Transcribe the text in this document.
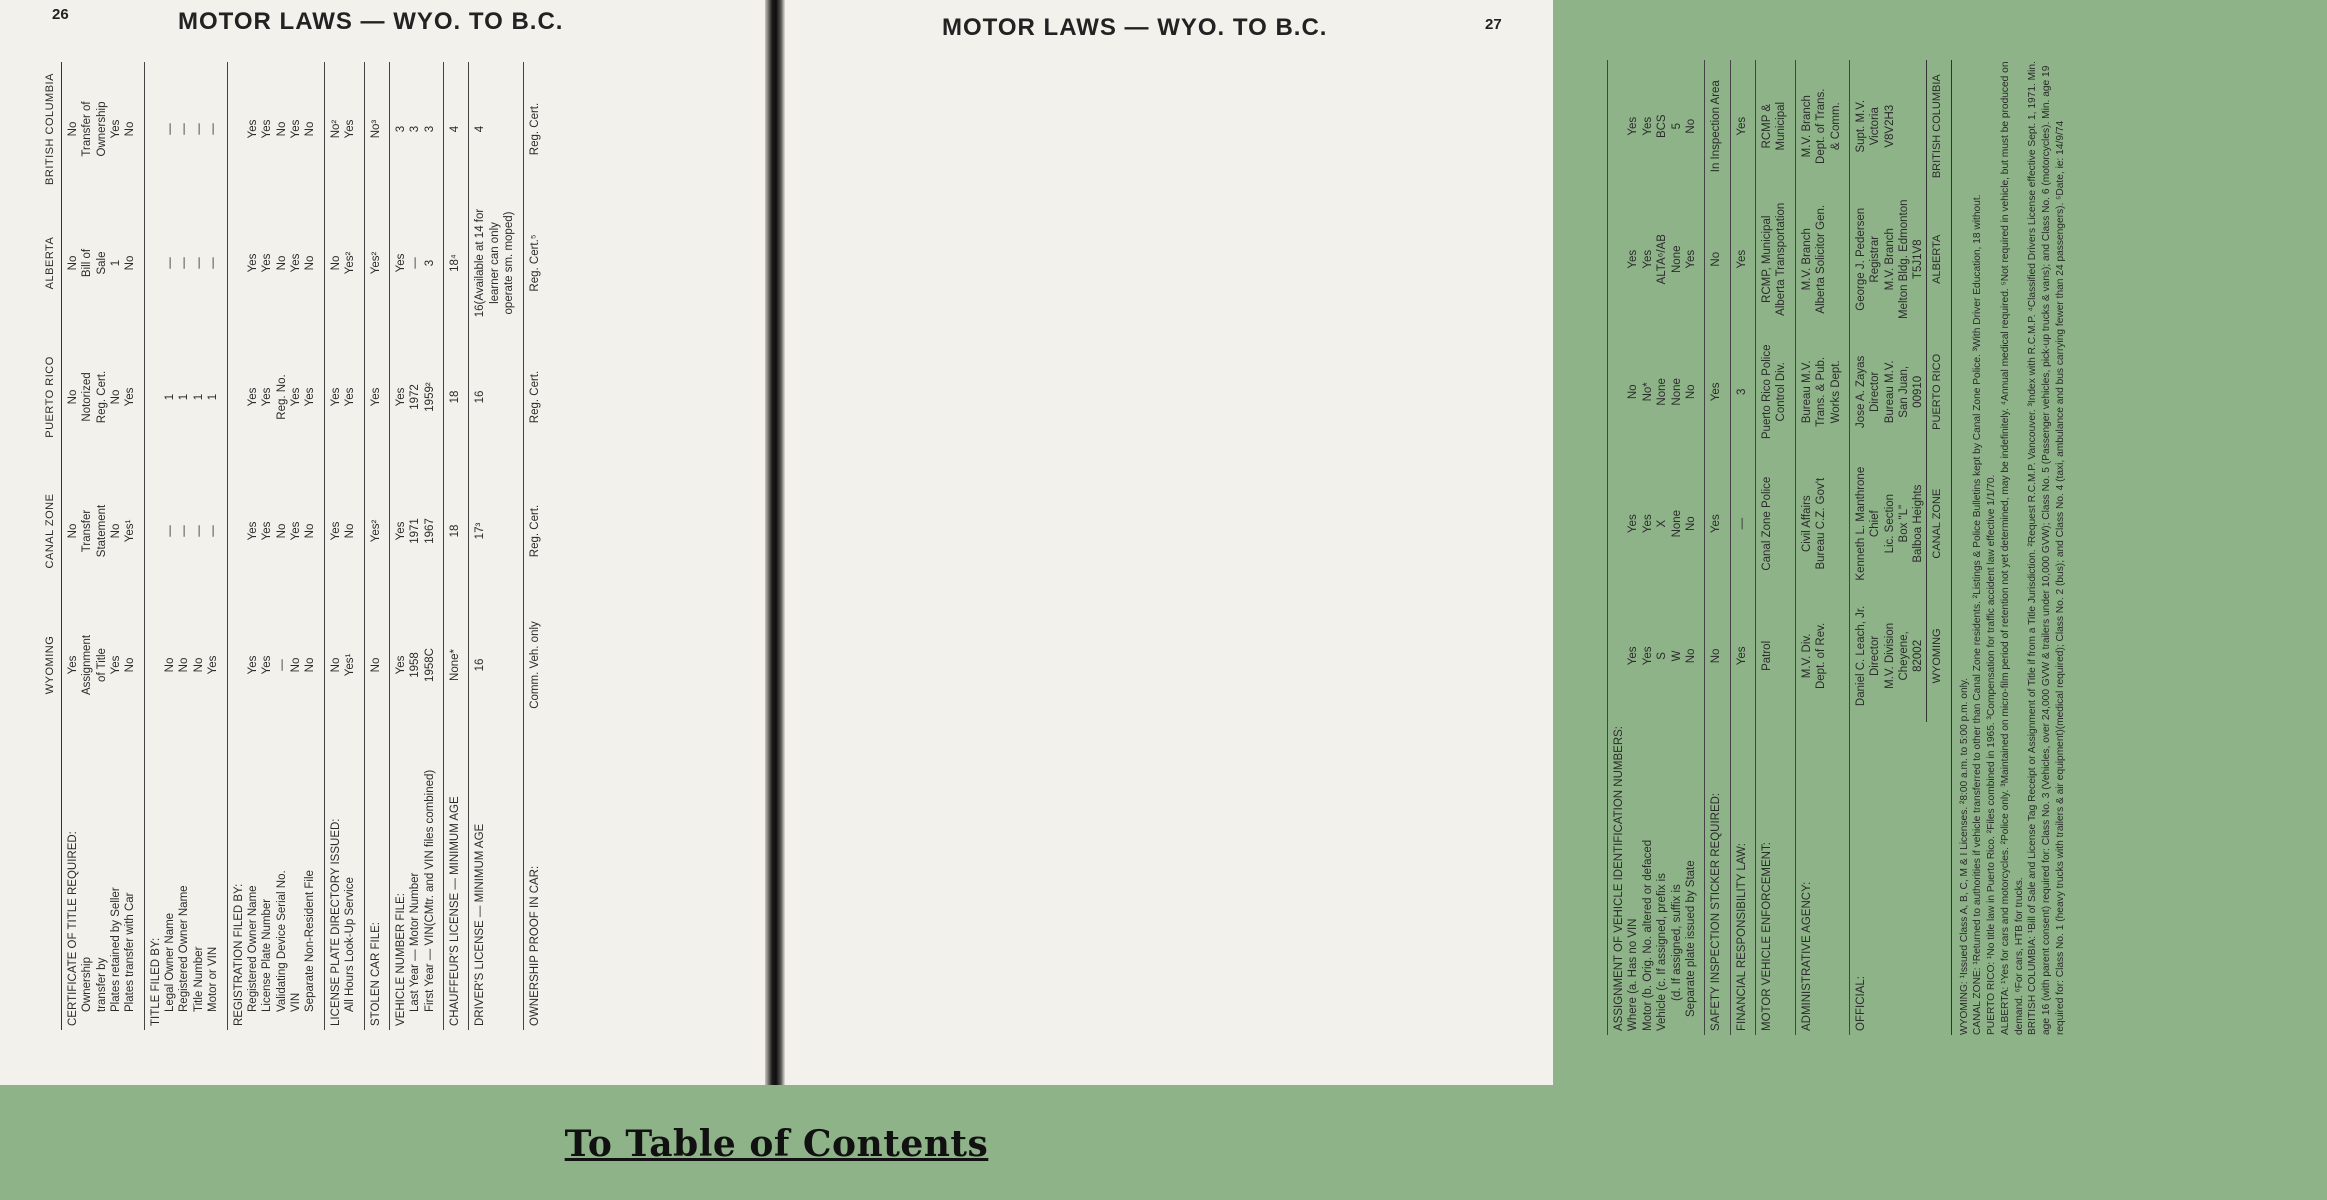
26	MOTOR LAWS — WYO. TO B.C.
	WYOMING	CANAL ZONE	PUERTO RICO	ALBERTA	BRITISH COLUMBIA
CERTIFICATE OF TITLE REQUIRED:	Yes	No	No	No	No
Ownership	Assignment	Transfer	Notorized	Bill of	Transfer of
transfer by	of Title	Statement	Reg. Cert.	Sale	Ownership
Plates retained by Seller	Yes	No	No	1	Yes
Plates transfer with Car	No	Yes¹	Yes	No	No
TITLE FILED BY:					
Legal Owner Name	No	—	1	—	—
Registered Owner Name	No	—	1	—	—
Title Number	No	—	1	—	—
Motor or VIN	Yes	—	1	—	—
REGISTRATION FILED BY:					
Registered Owner Name	Yes	Yes	Yes	Yes	Yes
License Plate Number	Yes	Yes	Yes	Yes	Yes
Validating Device Serial No.	—	No	Reg. No.	No	No
VIN	No	Yes	Yes	Yes	Yes
Separate Non-Resident File	No	No	Yes	No	No
LICENSE PLATE DIRECTORY ISSUED:	No	Yes	Yes	No	No²
All Hours Look-Up Service	Yes¹	No	Yes	Yes²	Yes
STOLEN CAR FILE:	No	Yes²	Yes	Yes²	No³
VEHICLE NUMBER FILE:	Yes	Yes	Yes	Yes	3
Last Year — Motor Number	1958	1971	1972	—	3
First Year — VIN(CMtr. and VIN files combined)	1958C	1967	1959²	3	3
CHAUFFEUR'S LICENSE — MINIMUM AGE	None*	18	18	18⁴	4
DRIVER'S LICENSE — MINIMUM AGE	16	17³	16	16(Available at 14 for	4
				learner can only	
				operate sm. moped)	
OWNERSHIP PROOF IN CAR:	Comm. Veh. only	Reg. Cert.	Reg. Cert.	Reg. Cert.⁵	Reg. Cert.
MOTOR LAWS — WYO. TO B.C.	27
ASSIGNMENT OF VEHICLE IDENTIFICATION NUMBERS:					
Where (a. Has no VIN	Yes	Yes	No	Yes	Yes
Motor (b. Orig. No. altered or defaced	Yes	Yes	No*	Yes	Yes
Vehicle (c. If assigned, prefix is	S	X	None	ALTA⁶/AB	BCS
(d. If assigned, suffix is	W	None	None	None	5
Separate plate issued by State	No	No	No	Yes	No
SAFETY INSPECTION STICKER REQUIRED:	No	Yes	Yes	No	In Inspection Area
FINANCIAL RESPONSIBILITY LAW:	Yes	—	3	Yes	Yes
MOTOR VEHICLE ENFORCEMENT:	Patrol	Canal Zone Police	Puerto Rico Police	RCMP, Municipal	RCMP &
			Control Div.	Alberta Transportation	Municipal
ADMINISTRATIVE AGENCY:	M.V. Div.	Civil Affairs	Bureau M.V.	M.V. Branch	M.V. Branch
	Dept. of Rev.	Bureau C.Z. Gov't	Trans. & Pub.	Alberta Solicitor Gen.	Dept. of Trans.
			Works Dept.		& Comm.
OFFICIAL:	Daniel C. Leach, Jr.	Kenneth L. Manthrone	Jose A. Zayas	George J. Pedersen	Supt. M.V.
	Director	Chief	Director	Registrar	Victoria
	M.V. Division	Lic. Section	Bureau M.V.	M.V. Branch	V8V2H3
	Cheyene,	Box "L"	San Juan,	Melton Bldg. Edmonton	
	82002	Balboa Heights	00910	T5J1V8	
	WYOMING	CANAL ZONE	PUERTO RICO	ALBERTA	BRITISH COLUMBIA

WYOMING: ¹Issued Class A, B, C, M & I Licenses. ²8:00 a.m. to 5:00 p.m. only. CANAL ZONE: ¹Returned to authorities if vehicle transferred to other than Canal Zone residents. ²Listings & Police Bulletins kept by Canal Zone Police. ³With Driver Education, 18 without. PUERTO RICO: ¹No title law in Puerto Rico. ²Files combined in 1965. ³Compensation for traffic accident law effective 1/1/70. ALBERTA: ¹Yes for cars and motorcycles. ²Police only. ³Maintained on micro-film period of retention not yet determined, may be indefinitely. ⁴Annual medical required. ⁵Not required in vehicle, but must be produced on demand. ⁶For cars, HTB for trucks. BRITISH COLUMBIA: ¹Bill of Sale and License Tag Receipt or Assignment of Title if from a Title Jurisdiction. ²Request R.C.M.P. Vancouver. ³Index with R.C.M.P. ⁴Classified Drivers License effective Sept. 1, 1971. Min. age 16 (with parent consent) required for: Class No. 3 (Vehicles, over 24,000 GVW & trailers under 10,000 GVW); Class No. 5 (Passenger vehicles, pick-up trucks & vans); and Class No. 6 (motorcycles). Min. age 19 required for: Class No. 1 (heavy trucks with trailers & air equipment)(medical required); Class No. 2 (bus); and Class No. 4 (taxi, ambulance and bus carrying fewer than 24 passengers). ⁵Date, ie: 14/9/74

To Table of Contents
